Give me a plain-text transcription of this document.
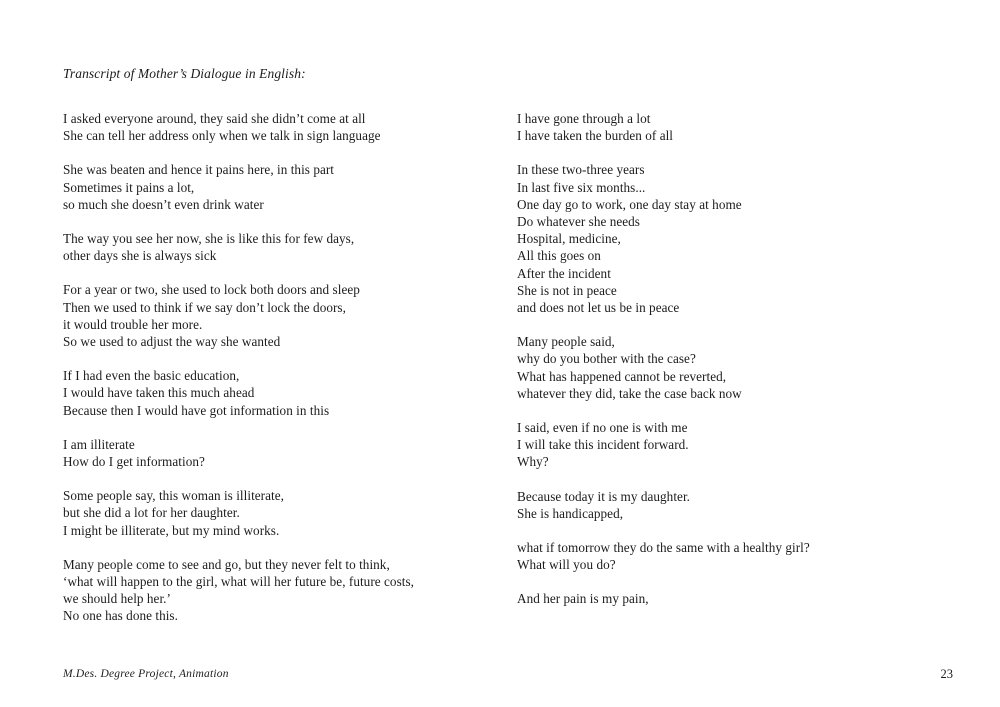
Transcript of Mother’s Dialogue in English:

I asked everyone around, they said she didn’t come at all
She can tell her address only when we talk in sign language

She was beaten and hence it pains here, in this part
Sometimes it pains a lot,
so much she doesn’t even drink water

The way you see her now, she is like this for few days,
other days she is always sick

For a year or two, she used to lock both doors and sleep
Then we used to think if we say don’t lock the doors,
it would trouble her more.
So we used to adjust the way she wanted

If I had even the basic education,
I would have taken this much ahead
Because then I would have got information in this

I am illiterate
How do I get information?

Some people say, this woman is illiterate,
but she did a lot for her daughter.
I might be illiterate, but my mind works.

Many people come to see and go, but they never felt to think,
‘what will happen to the girl, what will her future be, future costs,
we should help her.’
No one has done this.

I have gone through a lot
I have taken the burden of all

In these two-three years
In last five six months...
One day go to work, one day stay at home
Do whatever she needs
Hospital, medicine,
All this goes on
After the incident
She is not in peace
and does not let us be in peace

Many people said,
why do you bother with the case?
What has happened cannot be reverted,
whatever they did, take the case back now

I said, even if no one is with me
I will take this incident forward.
Why?

Because today it is my daughter.
She is handicapped,

what if tomorrow they do the same with a healthy girl?
What will you do?

And her pain is my pain,

M.Des. Degree Project, Animation	23
